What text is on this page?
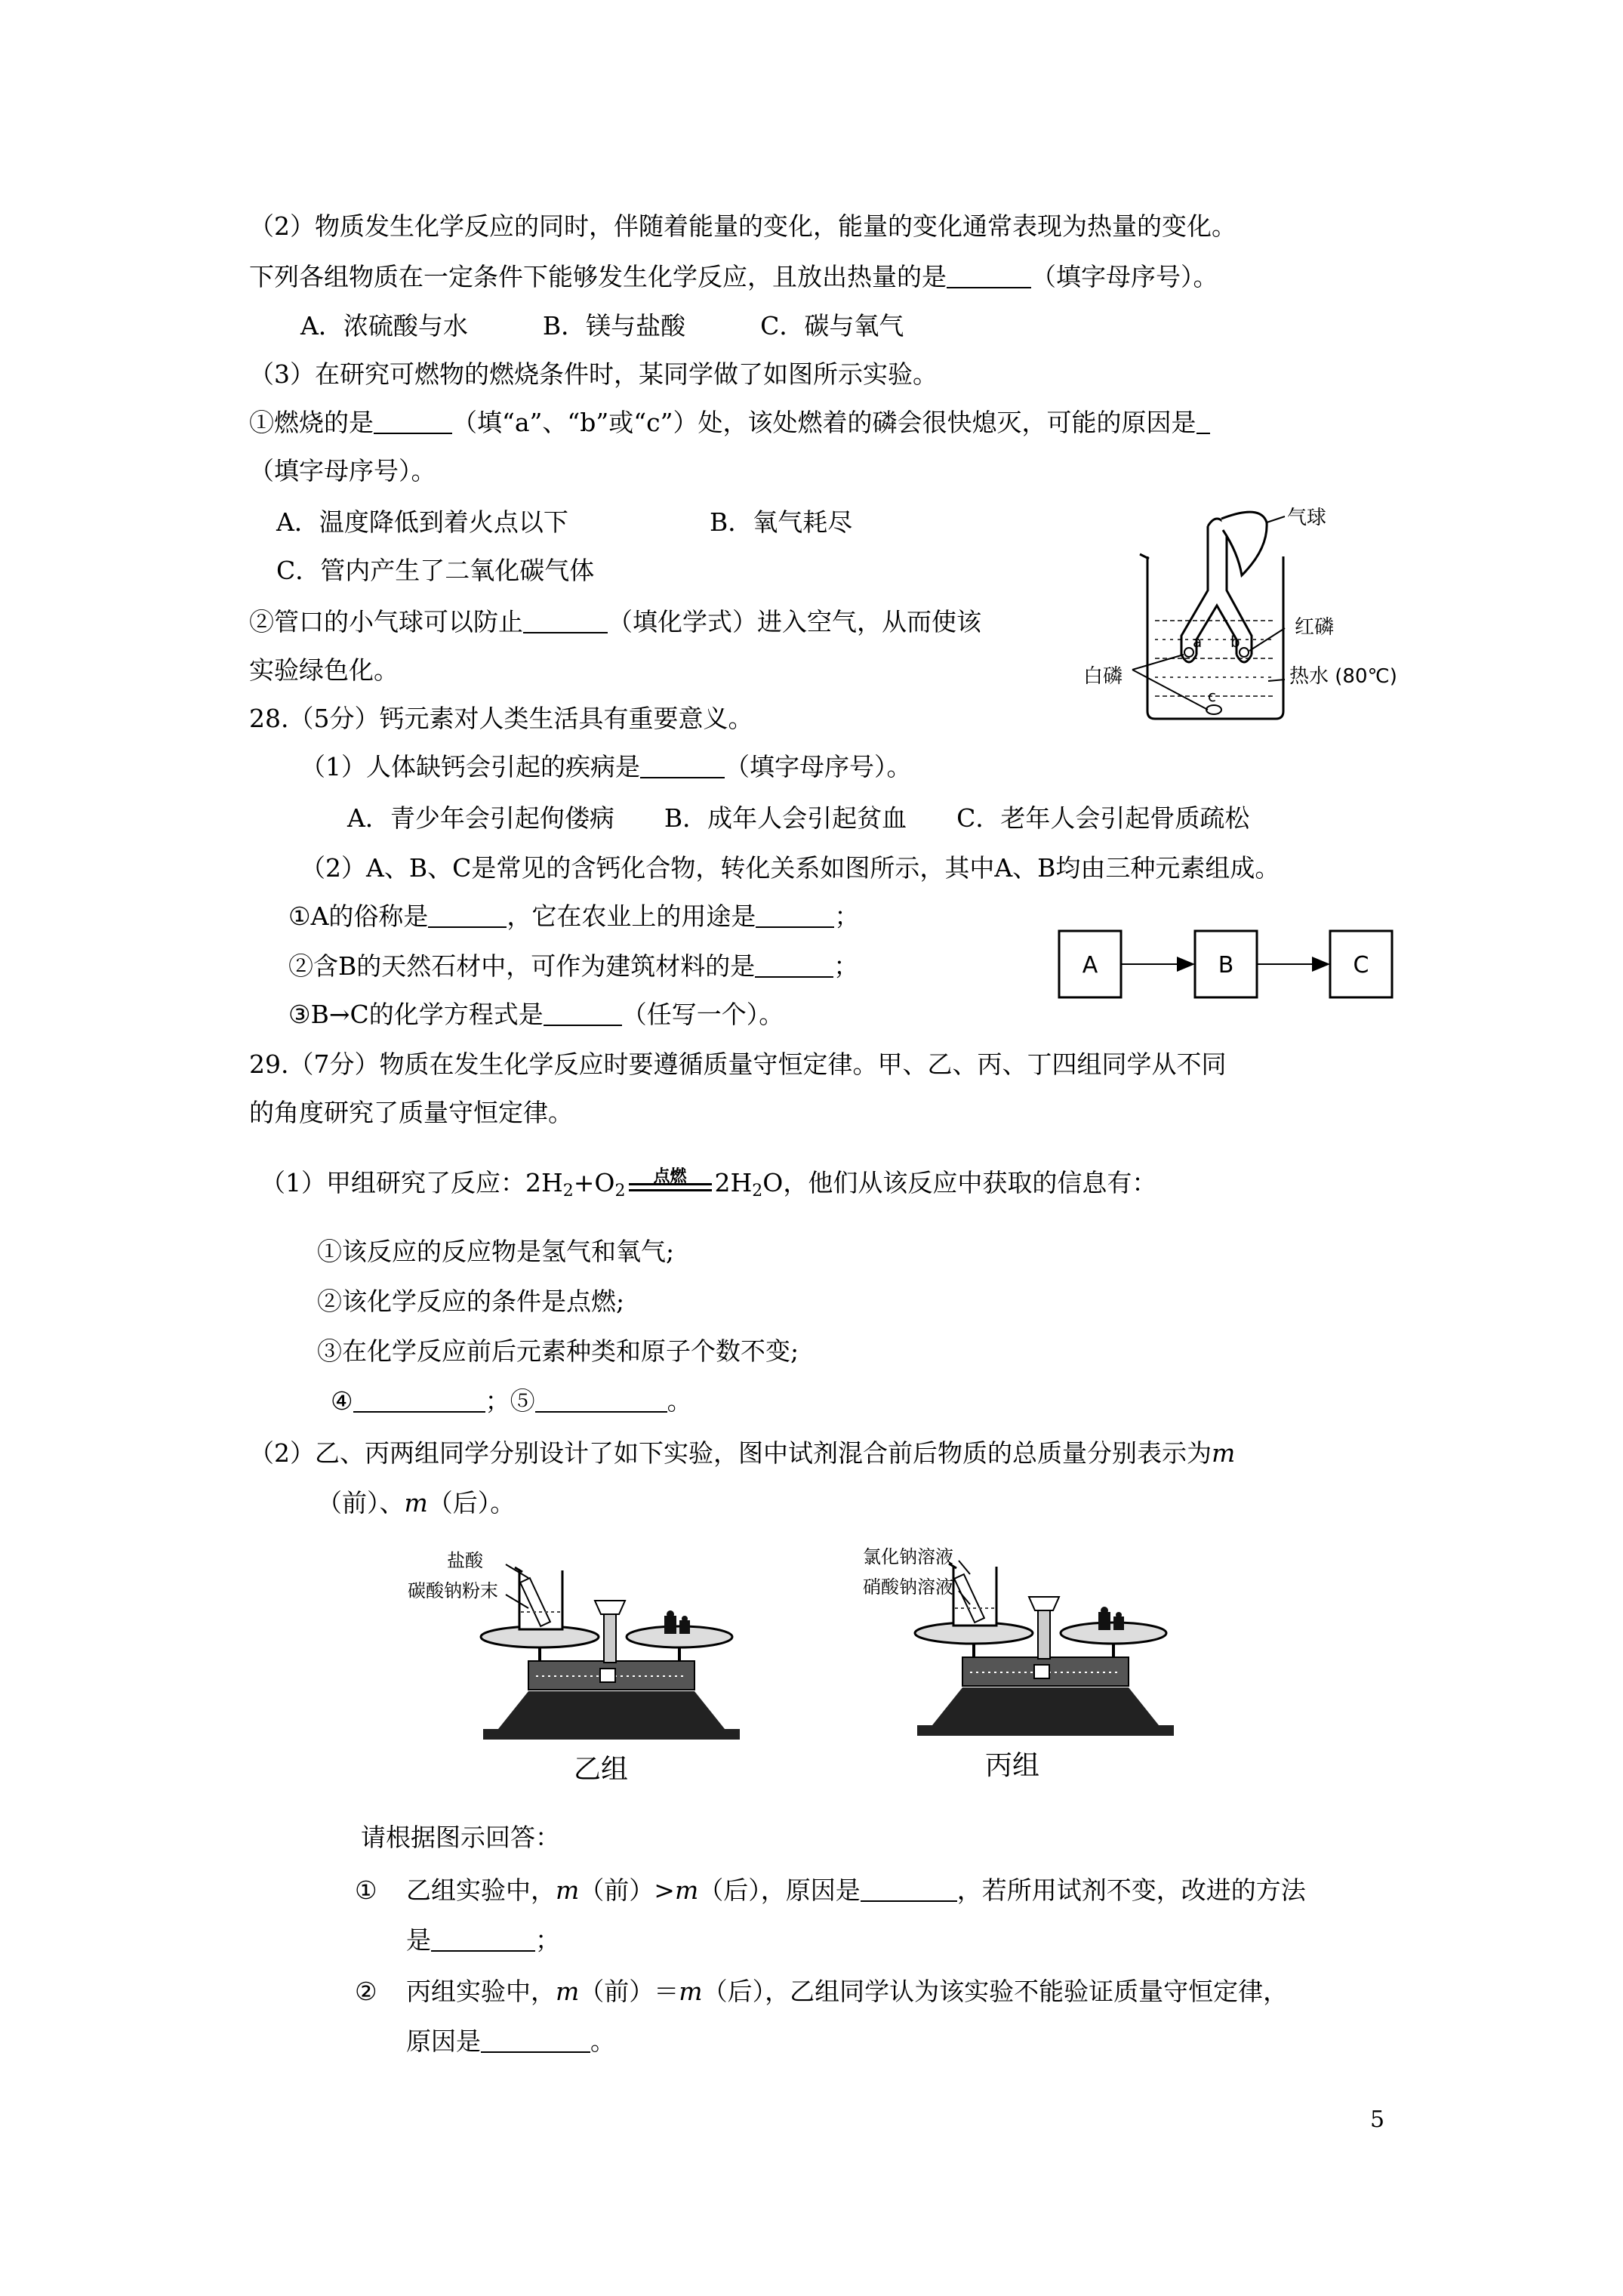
（2）物质发生化学反应的同时，伴随着能量的变化，能量的变化通常表现为热量的变化。
下列各组物质在一定条件下能够发生化学反应，且放出热量的是	（填字母序号）。
A．浓硫酸与水　　　B．镁与盐酸　　　C．碳与氧气
（3）在研究可燃物的燃烧条件时，某同学做了如图所示实验。
①燃烧的是	（填“a”、“b”或“c”）处，该处燃着的磷会很快熄灭，可能的原因是
（填字母序号）。
A．温度降低到着火点以下	B．氧气耗尽
C．管内产生了二氧化碳气体
②管口的小气球可以防止	（填化学式）进入空气，从而使该
实验绿色化。
气球
红磷
白磷	热水 (80℃)
a b
c
28.（5分）钙元素对人类生活具有重要意义。
（1）人体缺钙会引起的疾病是	（填字母序号）。
A．青少年会引起佝偻病　　B．成年人会引起贫血　　C．老年人会引起骨质疏松
（2）A、B、C是常见的含钙化合物，转化关系如图所示，其中A、B均由三种元素组成。
①A的俗称是	，它在农业上的用途是	；
②含B的天然石材中，可作为建筑材料的是	；
③B→C的化学方程式是	（任写一个）。
A	B	C
29.（7分）物质在发生化学反应时要遵循质量守恒定律。甲、乙、丙、丁四组同学从不同
的角度研究了质量守恒定律。
（1）甲组研究了反应：$2H_2+O_2$
点燃	$2H_2O$，他们从该反应中获取的信息有：
①该反应的反应物是氢气和氧气;
②该化学反应的条件是点燃;
③在化学反应前后元素种类和原子个数不变;
④	；⑤	。
（2）乙、丙两组同学分别设计了如下实验，图中试剂混合前后物质的总质量分别表示为m
（前）、m（后）。
盐酸
碳酸钠粉末
乙组
氯化钠溶液
硝酸钠溶液
丙组
请根据图示回答：
① 乙组实验中，m（前）>m（后），原因是	，若所用试剂不变，改进的方法
是	；
② 丙组实验中，m（前）＝m（后），乙组同学认为该实验不能验证质量守恒定律，
原因是	。
5
